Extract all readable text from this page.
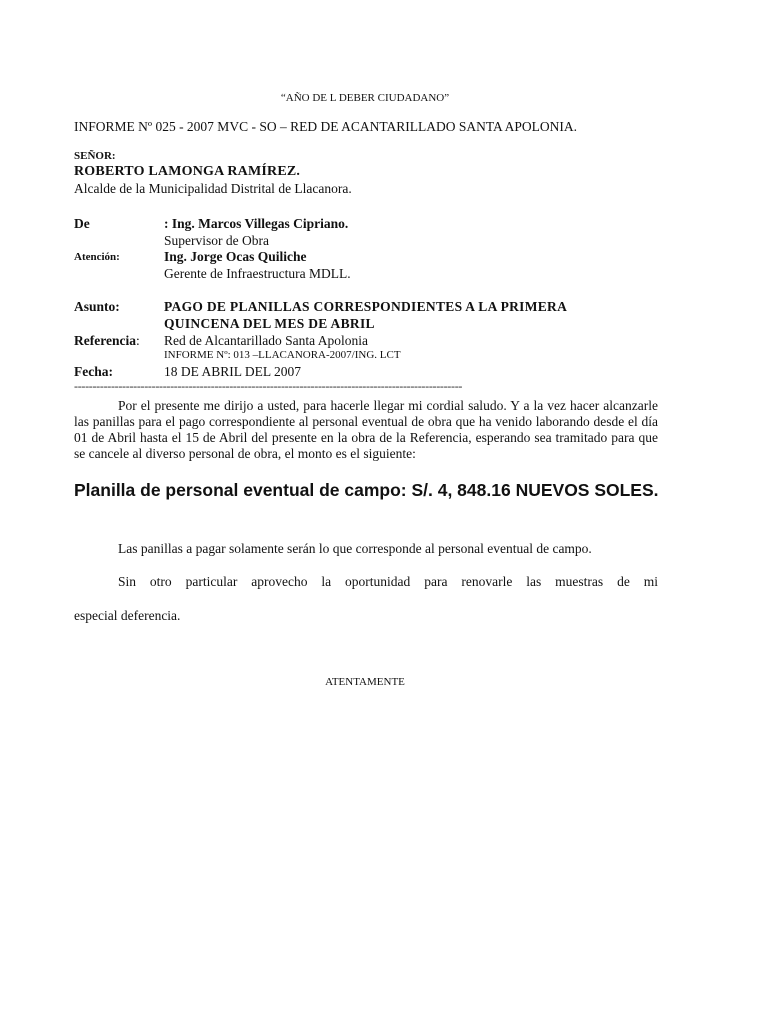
“AÑO DE L DEBER CIUDADANO”
INFORME Nº 025 - 2007 MVC - SO – RED DE ACANTARILLADO SANTA APOLONIA.
SEÑOR:
ROBERTO LAMONGA RAMÍREZ.
Alcalde de la Municipalidad Distrital de Llacanora.
De	: Ing. Marcos Villegas Cipriano.
Supervisor de Obra
Atención:	Ing. Jorge Ocas Quiliche
Gerente de Infraestructura MDLL.
Asunto:	PAGO DE PLANILLAS CORRESPONDIENTES A LA PRIMERA
QUINCENA DEL MES DE ABRIL
Referencia: Red de Alcantarillado Santa Apolonia
INFORME Nº: 013 –LLACANORA-2007/ING. LCT
Fecha:	18 DE ABRIL DEL 2007
---------------------------------------------------------------------------------------------------------
Por el presente me dirijo a usted, para hacerle llegar mi cordial saludo. Y a la vez hacer alcanzarle las panillas para el pago correspondiente al personal eventual de obra que ha venido laborando desde el día 01 de Abril hasta el 15 de Abril del presente en la obra de la Referencia, esperando sea tramitado para que se cancele al diverso personal de obra, el monto es el siguiente:
Planilla de personal eventual de campo: S/. 4, 848.16 NUEVOS SOLES.
Las panillas a pagar solamente serán lo que corresponde al personal eventual de campo.
Sin otro particular aprovecho la oportunidad para renovarle las muestras de mi
especial deferencia.
ATENTAMENTE
